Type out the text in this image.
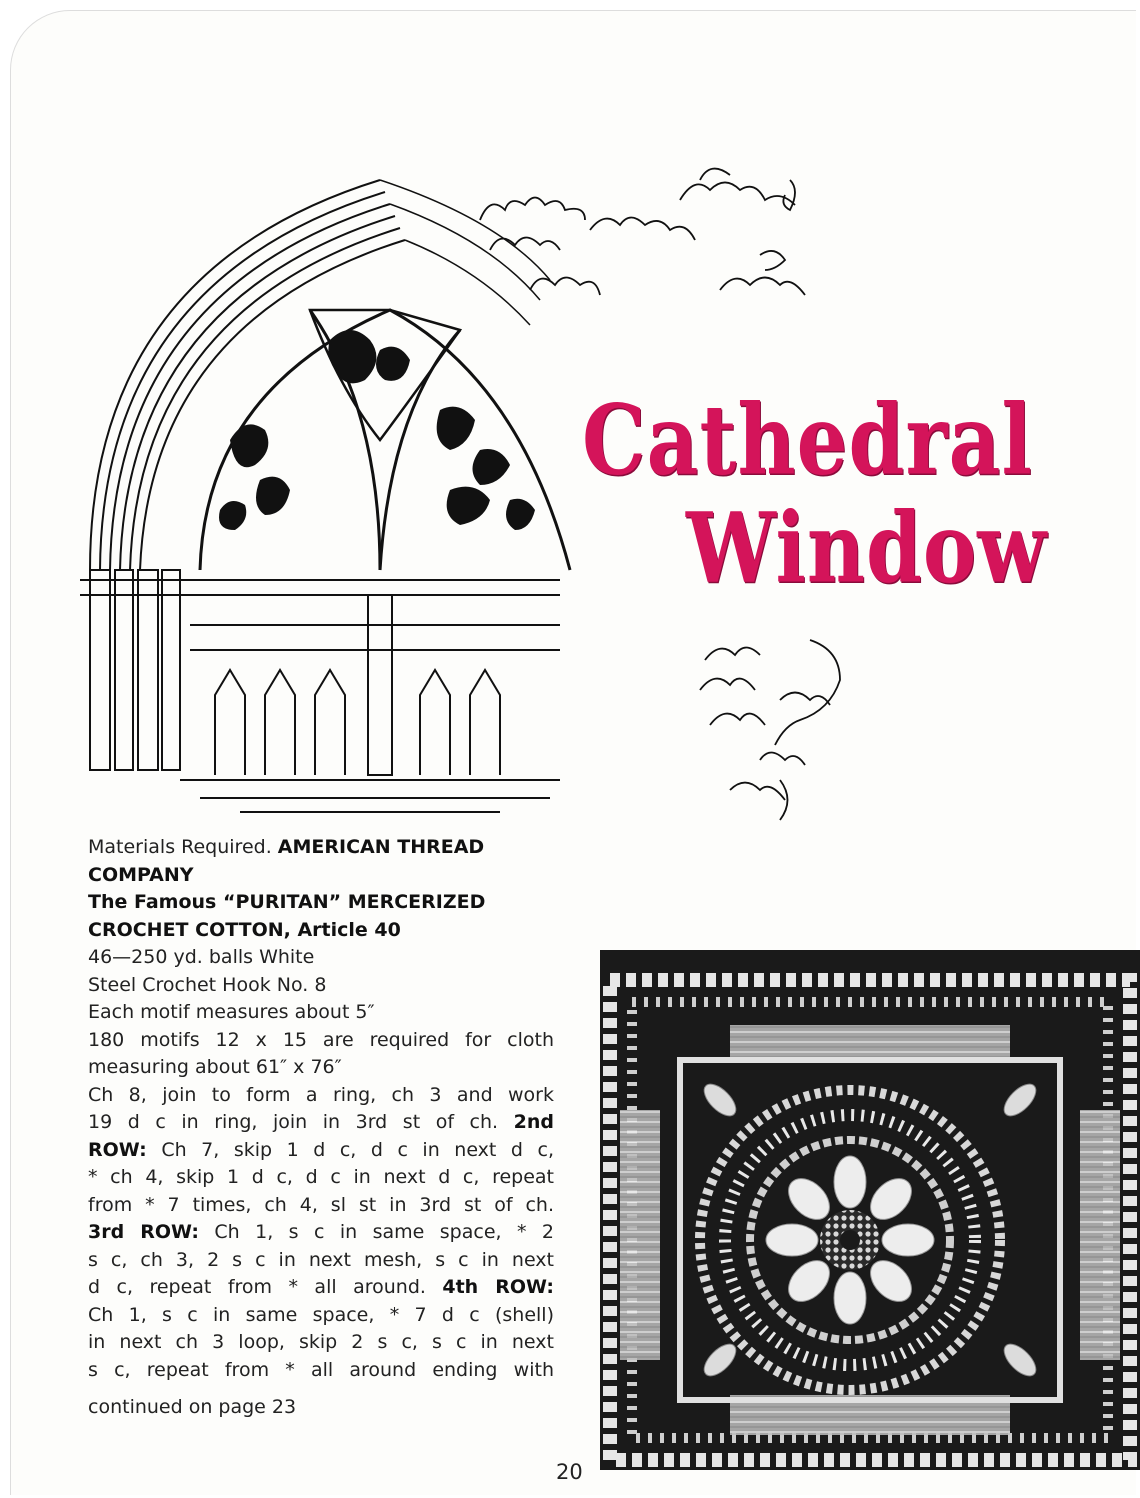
Cathedral
Window
Materials Required. AMERICAN THREAD
COMPANY
The Famous “PURITAN” MERCERIZED
CROCHET COTTON, Article 40
46—250 yd. balls White
Steel Crochet Hook No. 8
Each motif measures about 5″
180 motifs 12 x 15 are required for cloth
measuring about 61″ x 76″
Ch 8, join to form a ring, ch 3 and work
19 d c in ring, join in 3rd st of ch. 2nd
ROW: Ch 7, skip 1 d c, d c in next d c,
* ch 4, skip 1 d c, d c in next d c, repeat
from * 7 times, ch 4, sl st in 3rd st of ch.
3rd ROW: Ch 1, s c in same space, * 2
s c, ch 3, 2 s c in next mesh, s c in next
d c, repeat from * all around. 4th ROW:
Ch 1, s c in same space, * 7 d c (shell)
in next ch 3 loop, skip 2 s c, s c in next
s c, repeat from * all around ending with
continued on page 23
20
